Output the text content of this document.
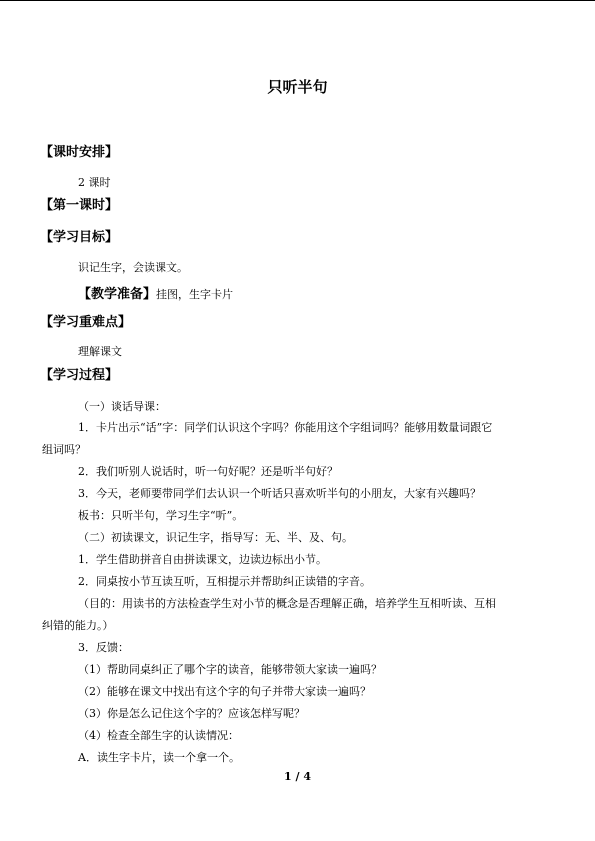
只听半句
【课时安排】
2 课时
【第一课时】
【学习目标】
识记生字，会读课文。
【教学准备】挂图，生字卡片
【学习重难点】
理解课文
【学习过程】
（一）谈话导课：
1．卡片出示“话”字：同学们认识这个字吗？你能用这个字组词吗？能够用数量词跟它
组词吗？
2．我们听别人说话时，听一句好呢？还是听半句好？
3．今天，老师要带同学们去认识一个听话只喜欢听半句的小朋友，大家有兴趣吗？
板书：只听半句，学习生字“听”。
（二）初读课文，识记生字，指导写：无、半、及、句。
1．学生借助拼音自由拼读课文，边读边标出小节。
2．同桌按小节互读互听，互相提示并帮助纠正读错的字音。
（目的：用读书的方法检查学生对小节的概念是否理解正确，培养学生互相听读、互相
纠错的能力。）
3．反馈：
（1）帮助同桌纠正了哪个字的读音，能够带领大家读一遍吗？
（2）能够在课文中找出有这个字的句子并带大家读一遍吗？
（3）你是怎么记住这个字的？应该怎样写呢？
（4）检查全部生字的认读情况：
A．读生字卡片，读一个拿一个。
1 / 4
